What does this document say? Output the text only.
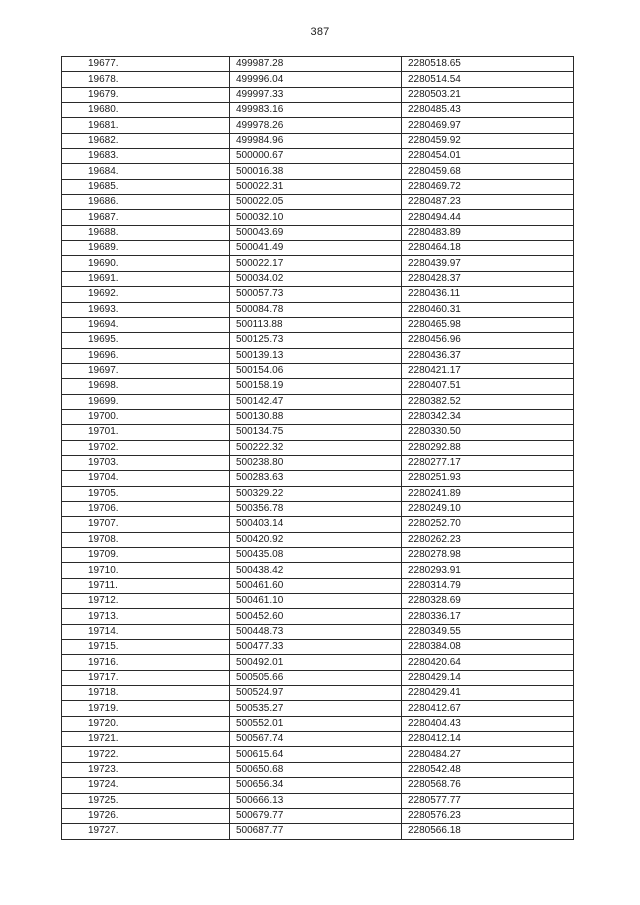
387
19677.	499987.28	2280518.65
19678.	499996.04	2280514.54
19679.	499997.33	2280503.21
19680.	499983.16	2280485.43
19681.	499978.26	2280469.97
19682.	499984.96	2280459.92
19683.	500000.67	2280454.01
19684.	500016.38	2280459.68
19685.	500022.31	2280469.72
19686.	500022.05	2280487.23
19687.	500032.10	2280494.44
19688.	500043.69	2280483.89
19689.	500041.49	2280464.18
19690.	500022.17	2280439.97
19691.	500034.02	2280428.37
19692.	500057.73	2280436.11
19693.	500084.78	2280460.31
19694.	500113.88	2280465.98
19695.	500125.73	2280456.96
19696.	500139.13	2280436.37
19697.	500154.06	2280421.17
19698.	500158.19	2280407.51
19699.	500142.47	2280382.52
19700.	500130.88	2280342.34
19701.	500134.75	2280330.50
19702.	500222.32	2280292.88
19703.	500238.80	2280277.17
19704.	500283.63	2280251.93
19705.	500329.22	2280241.89
19706.	500356.78	2280249.10
19707.	500403.14	2280252.70
19708.	500420.92	2280262.23
19709.	500435.08	2280278.98
19710.	500438.42	2280293.91
19711.	500461.60	2280314.79
19712.	500461.10	2280328.69
19713.	500452.60	2280336.17
19714.	500448.73	2280349.55
19715.	500477.33	2280384.08
19716.	500492.01	2280420.64
19717.	500505.66	2280429.14
19718.	500524.97	2280429.41
19719.	500535.27	2280412.67
19720.	500552.01	2280404.43
19721.	500567.74	2280412.14
19722.	500615.64	2280484.27
19723.	500650.68	2280542.48
19724.	500656.34	2280568.76
19725.	500666.13	2280577.77
19726.	500679.77	2280576.23
19727.	500687.77	2280566.18
